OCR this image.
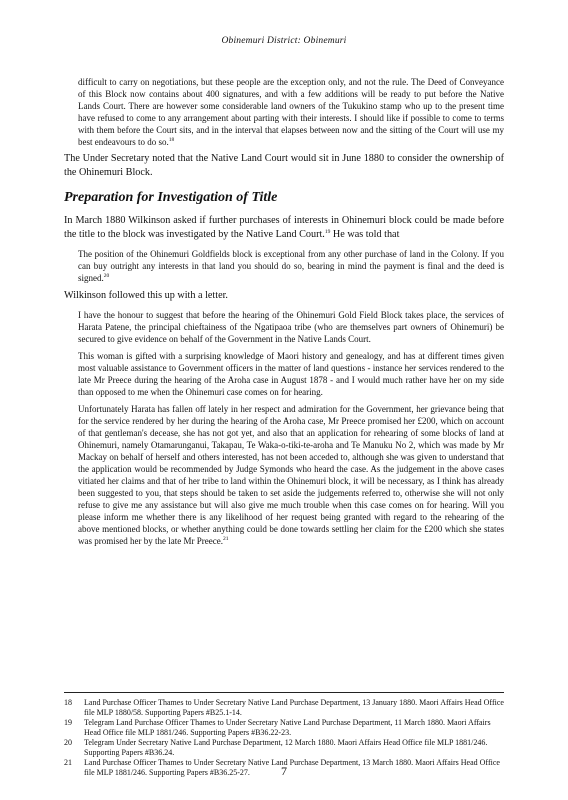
Obinemuri District: Obinemuri
difficult to carry on negotiations, but these people are the exception only, and not the rule. The Deed of Conveyance of this Block now contains about 400 signatures, and with a few additions will be ready to put before the Native Lands Court. There are however some considerable land owners of the Tukukino stamp who up to the present time have refused to come to any arrangement about parting with their interests. I should like if possible to come to terms with them before the Court sits, and in the interval that elapses between now and the sitting of the Court will use my best endeavours to do so.$^{18}$
The Under Secretary noted that the Native Land Court would sit in June 1880 to consider the ownership of the Ohinemuri Block.
Preparation for Investigation of Title
In March 1880 Wilkinson asked if further purchases of interests in Ohinemuri block could be made before the title to the block was investigated by the Native Land Court.$^{19}$ He was told that
The position of the Ohinemuri Goldfields block is exceptional from any other purchase of land in the Colony. If you can buy outright any interests in that land you should do so, bearing in mind the payment is final and the deed is signed.$^{20}$
Wilkinson followed this up with a letter.
I have the honour to suggest that before the hearing of the Ohinemuri Gold Field Block takes place, the services of Harata Patene, the principal chieftainess of the Ngatipaoa tribe (who are themselves part owners of Ohinemuri) be secured to give evidence on behalf of the Government in the Native Lands Court.
This woman is gifted with a surprising knowledge of Maori history and genealogy, and has at different times given most valuable assistance to Government officers in the matter of land questions - instance her services rendered to the late Mr Preece during the hearing of the Aroha case in August 1878 - and I would much rather have her on my side than opposed to me when the Ohinemuri case comes on for hearing.
Unfortunately Harata has fallen off lately in her respect and admiration for the Government, her grievance being that for the service rendered by her during the hearing of the Aroha case, Mr Preece promised her £200, which on account of that gentleman's decease, she has not got yet, and also that an application for rehearing of some blocks of land at Ohinemuri, namely Otamarunganui, Takapau, Te Waka-o-tiki-te-aroha and Te Manuku No 2, which was made by Mr Mackay on behalf of herself and others interested, has not been acceded to, although she was given to understand that the application would be recommended by Judge Symonds who heard the case. As the judgement in the above cases vitiated her claims and that of her tribe to land within the Ohinemuri block, it will be necessary, as I think has already been suggested to you, that steps should be taken to set aside the judgements referred to, otherwise she will not only refuse to give me any assistance but will also give me much trouble when this case comes on for hearing. Will you please inform me whether there is any likelihood of her request being granted with regard to the rehearing of the above mentioned blocks, or whether anything could be done towards settling her claim for the £200 which she states was promised her by the late Mr Preece.$^{21}$
18	Land Purchase Officer Thames to Under Secretary Native Land Purchase Department, 13 January 1880. Maori Affairs Head Office file MLP 1880/58. Supporting Papers #B25.1-14.
19	Telegram Land Purchase Officer Thames to Under Secretary Native Land Purchase Department, 11 March 1880. Maori Affairs Head Office file MLP 1881/246. Supporting Papers #B36.22-23.
20	Telegram Under Secretary Native Land Purchase Department, 12 March 1880. Maori Affairs Head Office file MLP 1881/246. Supporting Papers #B36.24.
21	Land Purchase Officer Thames to Under Secretary Native Land Purchase Department, 13 March 1880. Maori Affairs Head Office file MLP 1881/246. Supporting Papers #B36.25-27.	7
